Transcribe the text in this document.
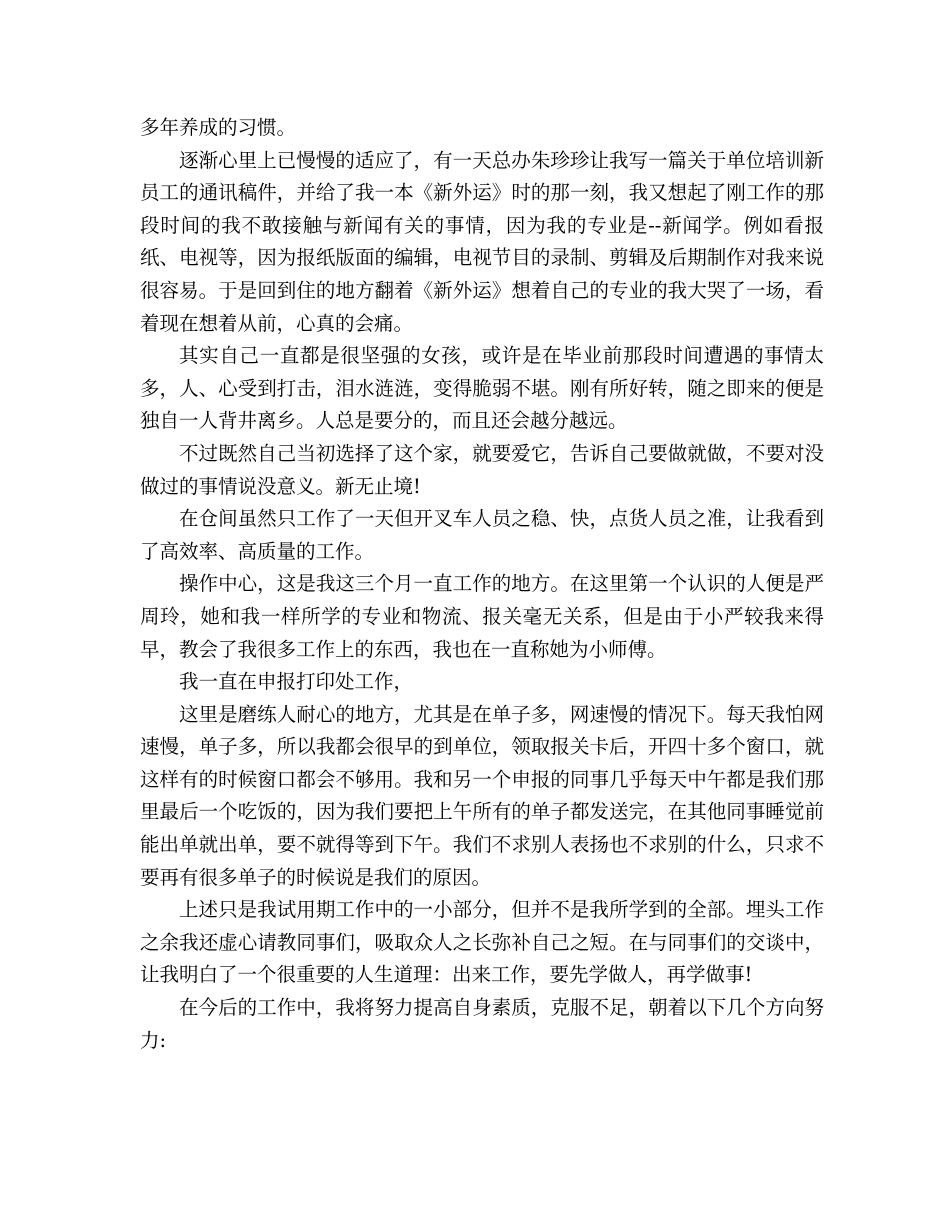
多年养成的习惯。

逐渐心里上已慢慢的适应了，有一天总办朱珍珍让我写一篇关于单位培训新员工的通讯稿件，并给了我一本《新外运》时的那一刻，我又想起了刚工作的那段时间的我不敢接触与新闻有关的事情，因为我的专业是--新闻学。例如看报纸、电视等，因为报纸版面的编辑，电视节目的录制、剪辑及后期制作对我来说很容易。于是回到住的地方翻着《新外运》想着自己的专业的我大哭了一场，看着现在想着从前，心真的会痛。

其实自己一直都是很坚强的女孩，或许是在毕业前那段时间遭遇的事情太多，人、心受到打击，泪水涟涟，变得脆弱不堪。刚有所好转，随之即来的便是独自一人背井离乡。人总是要分的，而且还会越分越远。

不过既然自己当初选择了这个家，就要爱它，告诉自己要做就做，不要对没做过的事情说没意义。新无止境!

在仓间虽然只工作了一天但开叉车人员之稳、快，点货人员之准，让我看到了高效率、高质量的工作。

操作中心，这是我这三个月一直工作的地方。在这里第一个认识的人便是严周玲，她和我一样所学的专业和物流、报关毫无关系，但是由于小严较我来得早，教会了我很多工作上的东西，我也在一直称她为小师傅。

我一直在申报打印处工作，

这里是磨练人耐心的地方，尤其是在单子多，网速慢的情况下。每天我怕网速慢，单子多，所以我都会很早的到单位，领取报关卡后，开四十多个窗口，就这样有的时候窗口都会不够用。我和另一个申报的同事几乎每天中午都是我们那里最后一个吃饭的，因为我们要把上午所有的单子都发送完，在其他同事睡觉前能出单就出单，要不就得等到下午。我们不求别人表扬也不求别的什么，只求不要再有很多单子的时候说是我们的原因。

上述只是我试用期工作中的一小部分，但并不是我所学到的全部。埋头工作之余我还虚心请教同事们，吸取众人之长弥补自己之短。在与同事们的交谈中，让我明白了一个很重要的人生道理：出来工作，要先学做人，再学做事!

在今后的工作中，我将努力提高自身素质，克服不足，朝着以下几个方向努力:
